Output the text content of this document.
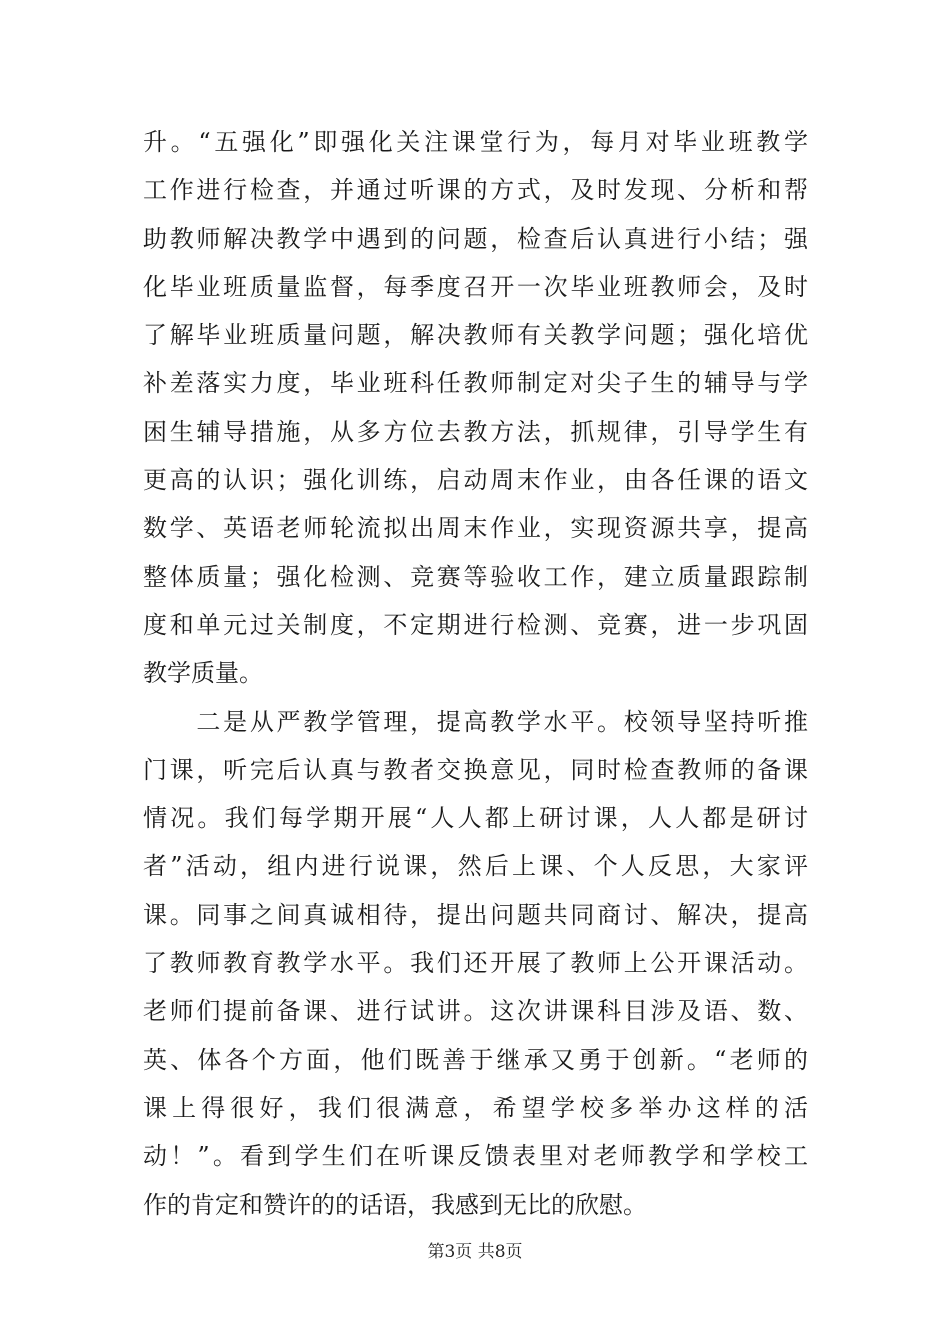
升。“五强化”即强化关注课堂行为，每月对毕业班教学
工作进行检查，并通过听课的方式，及时发现、分析和帮
助教师解决教学中遇到的问题，检查后认真进行小结；强
化毕业班质量监督，每季度召开一次毕业班教师会，及时
了解毕业班质量问题，解决教师有关教学问题；强化培优
补差落实力度，毕业班科任教师制定对尖子生的辅导与学
困生辅导措施，从多方位去教方法，抓规律，引导学生有
更高的认识；强化训练，启动周末作业，由各任课的语文
数学、英语老师轮流拟出周末作业，实现资源共享，提高
整体质量；强化检测、竞赛等验收工作，建立质量跟踪制
度和单元过关制度，不定期进行检测、竞赛，进一步巩固
教学质量。
　　二是从严教学管理，提高教学水平。校领导坚持听推
门课，听完后认真与教者交换意见，同时检查教师的备课
情况。我们每学期开展“人人都上研讨课，人人都是研讨
者”活动，组内进行说课，然后上课、个人反思，大家评
课。同事之间真诚相待，提出问题共同商讨、解决，提高
了教师教育教学水平。我们还开展了教师上公开课活动。
老师们提前备课、进行试讲。这次讲课科目涉及语、数、
英、体各个方面，他们既善于继承又勇于创新。“老师的
课上得很好，我们很满意，希望学校多举办这样的活
动！”。看到学生们在听课反馈表里对老师教学和学校工
作的肯定和赞许的的话语，我感到无比的欣慰。
第3页 共8页
